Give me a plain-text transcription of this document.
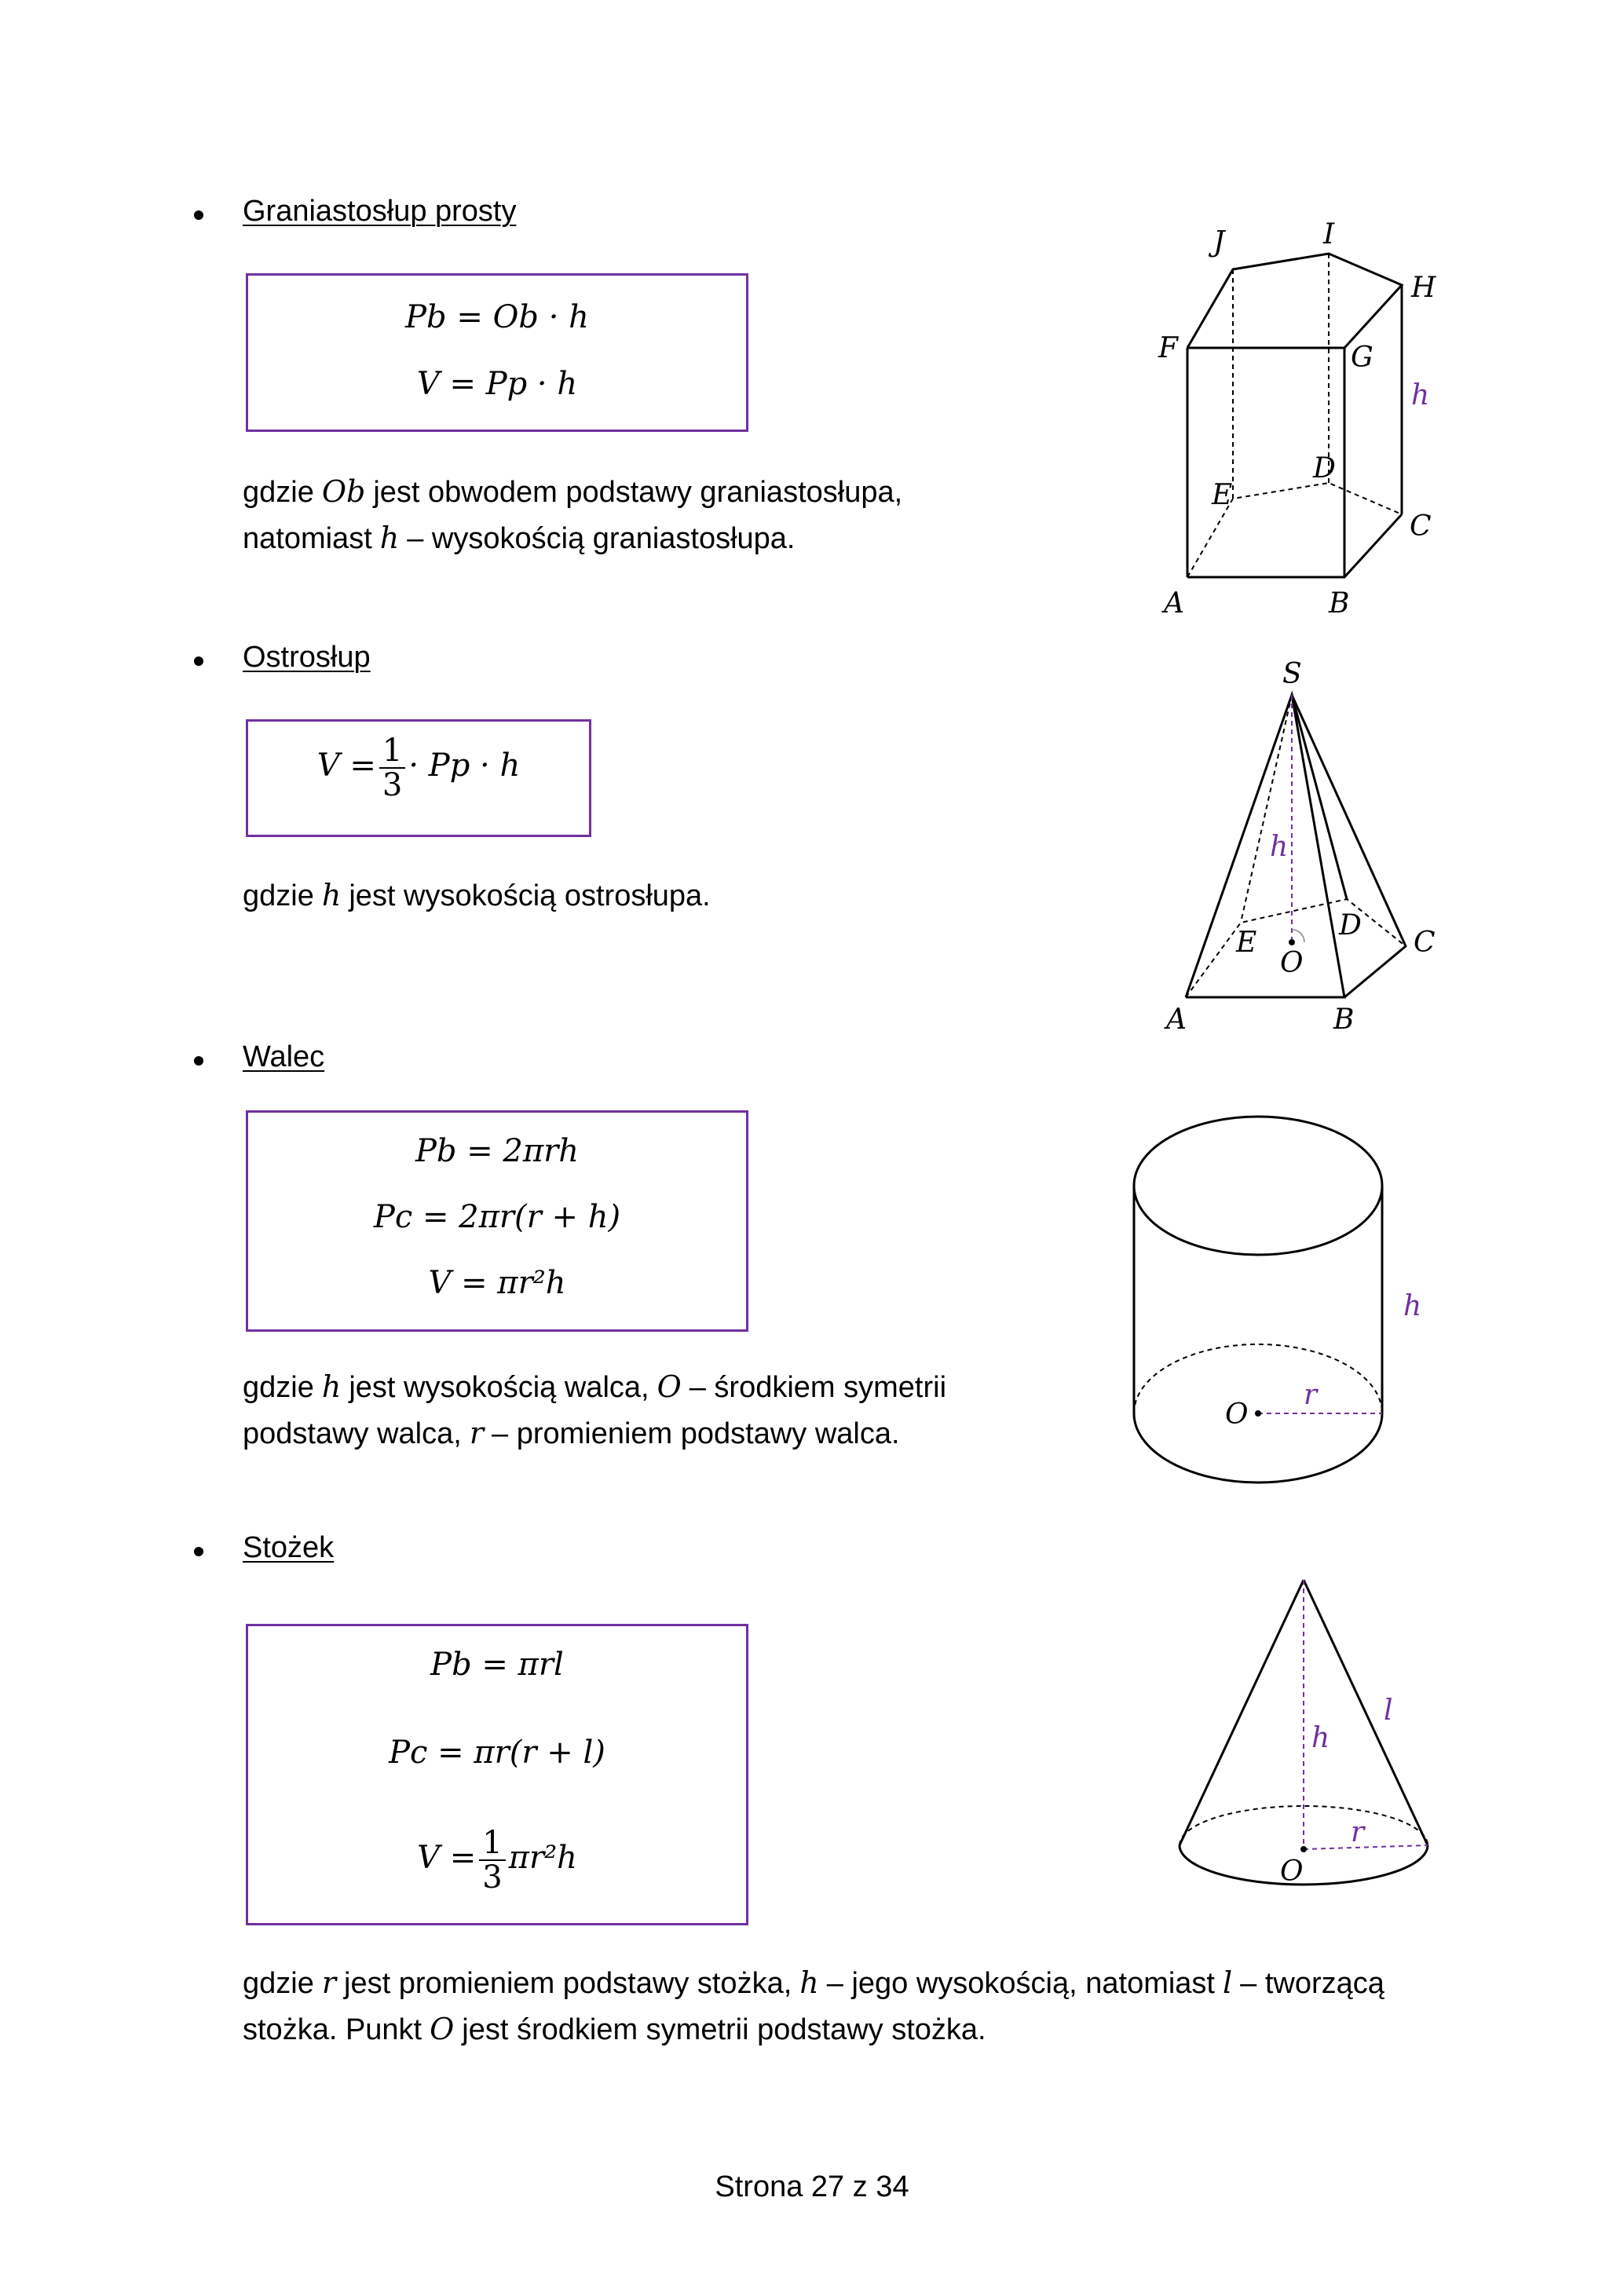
Graniastosłup prosty
Pb = Ob · h
V = Pp · h
gdzie Ob jest obwodem podstawy graniastosłupa,
natomiast h – wysokością graniastosłupa.
J	I
H
F	G
h
E
D
C
A	B
Ostrosłup
$V = \frac{1}{3} \cdot Pp \cdot h$
gdzie h jest wysokością ostrosłupa.
S
h
E
D
C
O
A	B
Walec
Pb = 2πrh
Pc = 2πr(r + h)
V = πr²h
gdzie h jest wysokością walca, O – środkiem symetrii
podstawy walca, r – promieniem podstawy walca.
h
O
r
Stożek
Pb = πrl
Pc = πr(r + l)
$V = \frac{1}{3} \pi r^2h$
gdzie r jest promieniem podstawy stożka, h – jego wysokością, natomiast l – tworzącą
stożka. Punkt O jest środkiem symetrii podstawy stożka.
l
h
r
O
Strona 27 z 34
